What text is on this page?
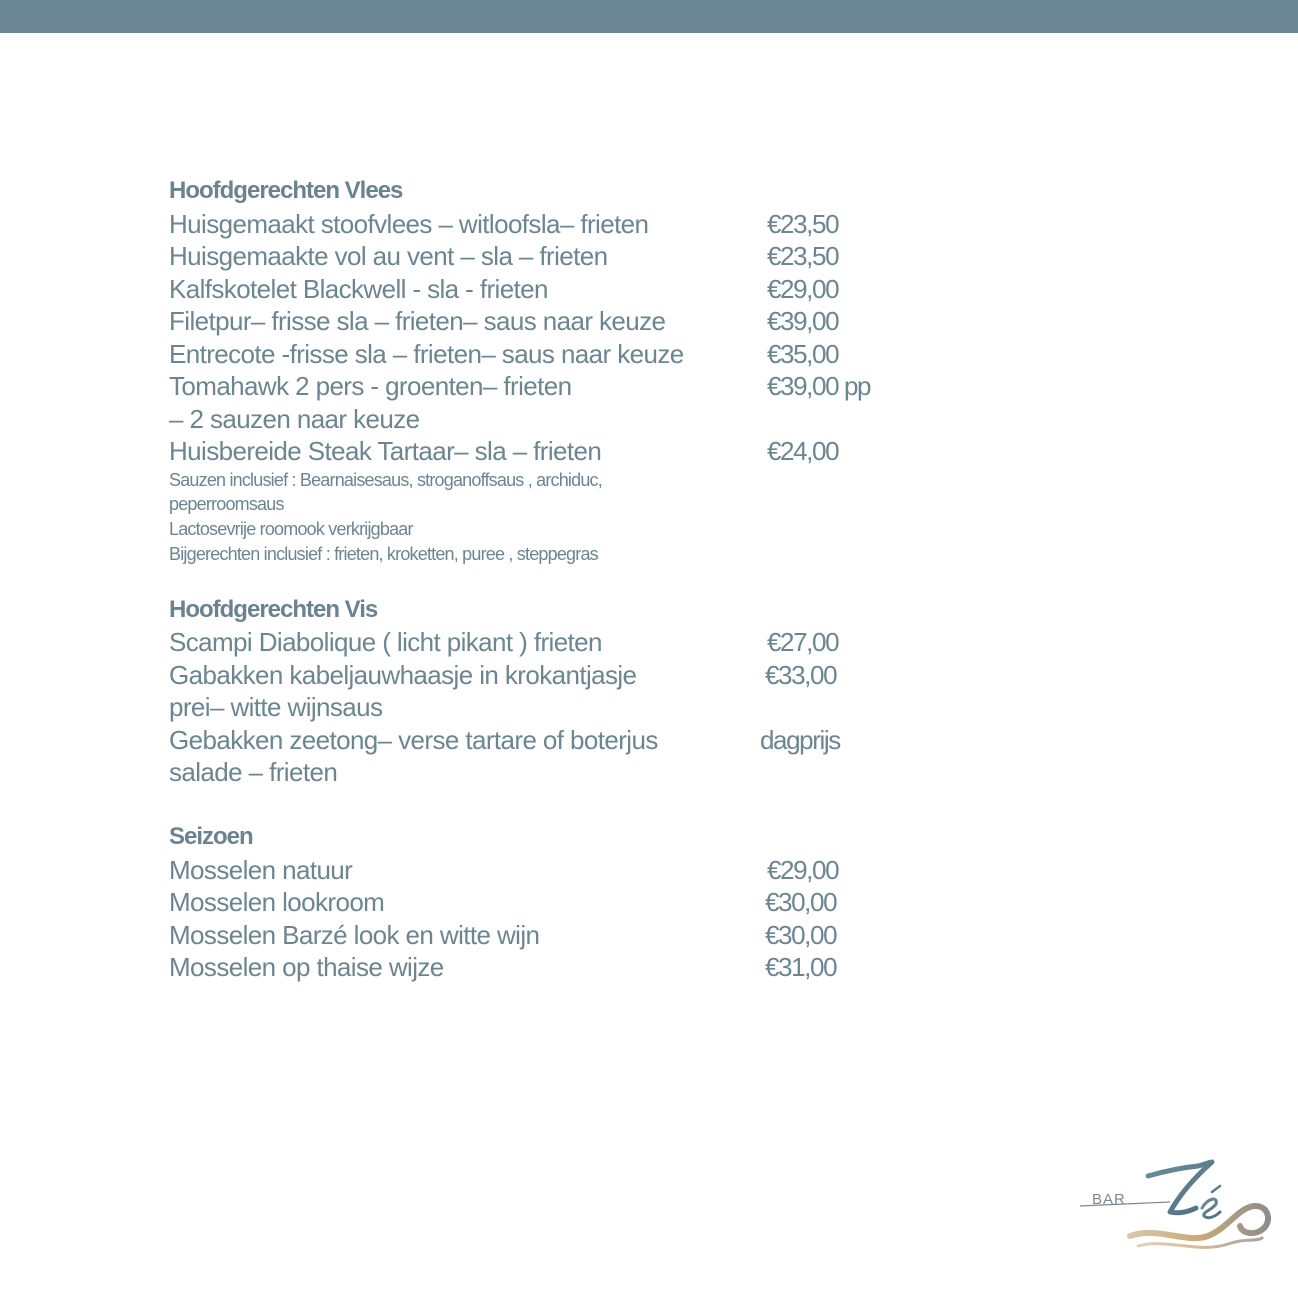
Hoofdgerechten Vlees
Huisgemaakt stoofvlees – witloofsla– frieten	€23,50
Huisgemaakte vol au vent – sla – frieten	€23,50
Kalfskotelet Blackwell - sla - frieten	€29,00
Filetpur– frisse sla – frieten– saus naar keuze	€39,00
Entrecote -frisse sla – frieten– saus naar keuze	€35,00
Tomahawk 2 pers - groenten– frieten	€39,00 pp
– 2 sauzen naar keuze
Huisbereide Steak Tartaar– sla – frieten	€24,00
Sauzen inclusief : Bearnaisesaus, stroganoffsaus , archiduc,
peperroomsaus
Lactosevrije roomook verkrijgbaar
Bijgerechten inclusief : frieten, kroketten, puree , steppegras
Hoofdgerechten Vis
Scampi Diabolique ( licht pikant ) frieten	€27,00
Gabakken kabeljauwhaasje in krokantjasje	€33,00
prei– witte wijnsaus
Gebakken zeetong– verse tartare of boterjus	dagprijs
salade – frieten
Seizoen
Mosselen natuur	€29,00
Mosselen lookroom	€30,00
Mosselen Barzé look en witte wijn	€30,00
Mosselen op thaise wijze	€31,00
BAR
